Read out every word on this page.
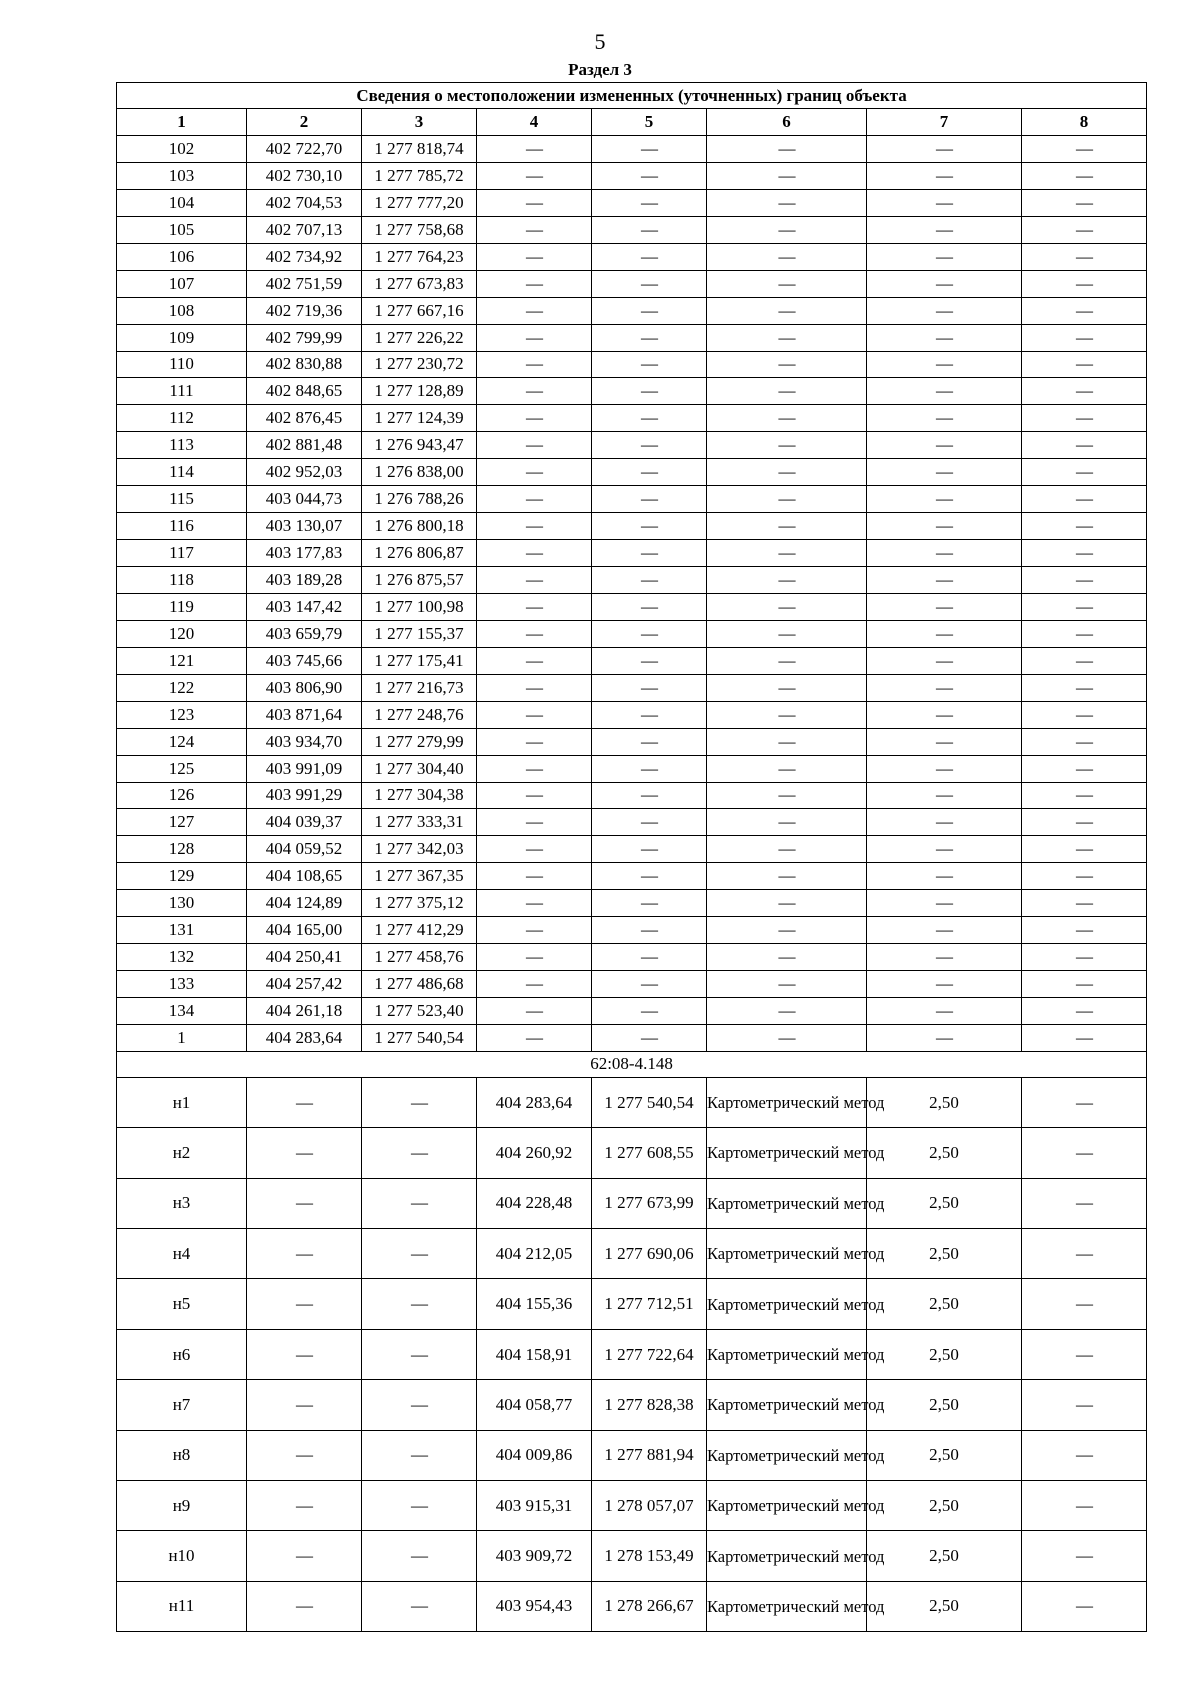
5
Раздел 3
Сведения о местоположении измененных (уточненных) границ объекта							
1	2	3	4	5	6	7	8
102	402 722,70	1 277 818,74	—	—	—	—	—
103	402 730,10	1 277 785,72	—	—	—	—	—
104	402 704,53	1 277 777,20	—	—	—	—	—
105	402 707,13	1 277 758,68	—	—	—	—	—
106	402 734,92	1 277 764,23	—	—	—	—	—
107	402 751,59	1 277 673,83	—	—	—	—	—
108	402 719,36	1 277 667,16	—	—	—	—	—
109	402 799,99	1 277 226,22	—	—	—	—	—
110	402 830,88	1 277 230,72	—	—	—	—	—
111	402 848,65	1 277 128,89	—	—	—	—	—
112	402 876,45	1 277 124,39	—	—	—	—	—
113	402 881,48	1 276 943,47	—	—	—	—	—
114	402 952,03	1 276 838,00	—	—	—	—	—
115	403 044,73	1 276 788,26	—	—	—	—	—
116	403 130,07	1 276 800,18	—	—	—	—	—
117	403 177,83	1 276 806,87	—	—	—	—	—
118	403 189,28	1 276 875,57	—	—	—	—	—
119	403 147,42	1 277 100,98	—	—	—	—	—
120	403 659,79	1 277 155,37	—	—	—	—	—
121	403 745,66	1 277 175,41	—	—	—	—	—
122	403 806,90	1 277 216,73	—	—	—	—	—
123	403 871,64	1 277 248,76	—	—	—	—	—
124	403 934,70	1 277 279,99	—	—	—	—	—
125	403 991,09	1 277 304,40	—	—	—	—	—
126	403 991,29	1 277 304,38	—	—	—	—	—
127	404 039,37	1 277 333,31	—	—	—	—	—
128	404 059,52	1 277 342,03	—	—	—	—	—
129	404 108,65	1 277 367,35	—	—	—	—	—
130	404 124,89	1 277 375,12	—	—	—	—	—
131	404 165,00	1 277 412,29	—	—	—	—	—
132	404 250,41	1 277 458,76	—	—	—	—	—
133	404 257,42	1 277 486,68	—	—	—	—	—
134	404 261,18	1 277 523,40	—	—	—	—	—
1	404 283,64	1 277 540,54	—	—	—	—	—
62:08-4.148							
н1	—	—	404 283,64	1 277 540,54	Картометрический метод	2,50	—
н2	—	—	404 260,92	1 277 608,55	Картометрический метод	2,50	—
н3	—	—	404 228,48	1 277 673,99	Картометрический метод	2,50	—
н4	—	—	404 212,05	1 277 690,06	Картометрический метод	2,50	—
н5	—	—	404 155,36	1 277 712,51	Картометрический метод	2,50	—
н6	—	—	404 158,91	1 277 722,64	Картометрический метод	2,50	—
н7	—	—	404 058,77	1 277 828,38	Картометрический метод	2,50	—
н8	—	—	404 009,86	1 277 881,94	Картометрический метод	2,50	—
н9	—	—	403 915,31	1 278 057,07	Картометрический метод	2,50	—
н10	—	—	403 909,72	1 278 153,49	Картометрический метод	2,50	—
н11	—	—	403 954,43	1 278 266,67	Картометрический метод	2,50	—
